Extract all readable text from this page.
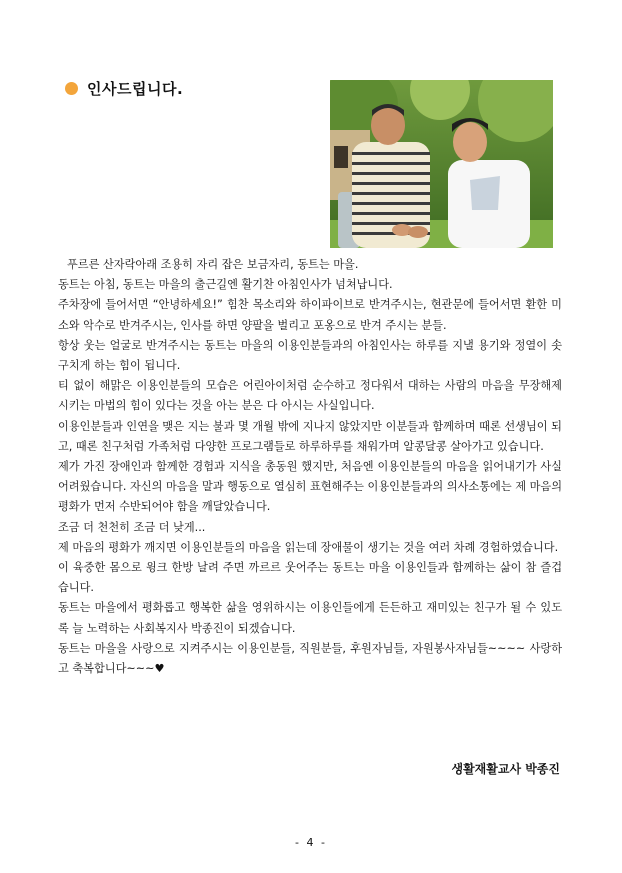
인사드립니다.

푸르른 산자락아래 조용히 자리 잡은 보금자리, 동트는 마을.

동트는 아침, 동트는 마을의 출근길엔 활기찬 아침인사가 넘쳐납니다.

주차장에 들어서면 “안녕하세요!” 힘찬 목소리와 하이파이브로 반겨주시는, 현관문에 들어서면 환한 미소와 악수로 반겨주시는, 인사를 하면 양팔을 벌리고 포옹으로 반겨 주시는 분들.

항상 웃는 얼굴로 반겨주시는 동트는 마을의 이용인분들과의 아침인사는 하루를 지낼 용기와 정열이 솟구치게 하는 힘이 됩니다.

티 없이 해맑은 이용인분들의 모습은 어린아이처럼 순수하고 정다워서 대하는 사람의 마음을 무장해제 시키는 마법의 힘이 있다는 것을 아는 분은 다 아시는 사실입니다.

이용인분들과 인연을 맺은 지는 불과 몇 개월 밖에 지나지 않았지만 이분들과 함께하며 때론 선생님이 되고, 때론 친구처럼 가족처럼 다양한 프로그램들로 하루하루를 채워가며 알콩달콩 살아가고 있습니다.

제가 가진 장애인과 함께한 경험과 지식을 총동원 했지만, 처음엔 이용인분들의 마음을 읽어내기가 사실 어려웠습니다. 자신의 마음을 말과 행동으로 열심히 표현해주는 이용인분들과의 의사소통에는 제 마음의 평화가 먼저 수반되어야 함을 깨달았습니다.

조금 더 천천히 조금 더 낮게...

제 마음의 평화가 깨지면 이용인분들의 마음을 읽는데 장애물이 생기는 것을 여러 차례 경험하였습니다.

이 육중한 몸으로 윙크 한방 날려 주면 까르르 웃어주는 동트는 마을 이용인들과 함께하는 삶이 참 즐겁습니다.

동트는 마을에서 평화롭고 행복한 삶을 영위하시는 이용인들에게 든든하고 재미있는 친구가 될 수 있도록 늘 노력하는 사회복지사 박종진이 되겠습니다.

동트는 마을을 사랑으로 지켜주시는 이용인분들, 직원분들, 후원자님들, 자원봉사자님들~~~~ 사랑하고 축복합니다~~~♥

생활재활교사 박종진
- 4 -
